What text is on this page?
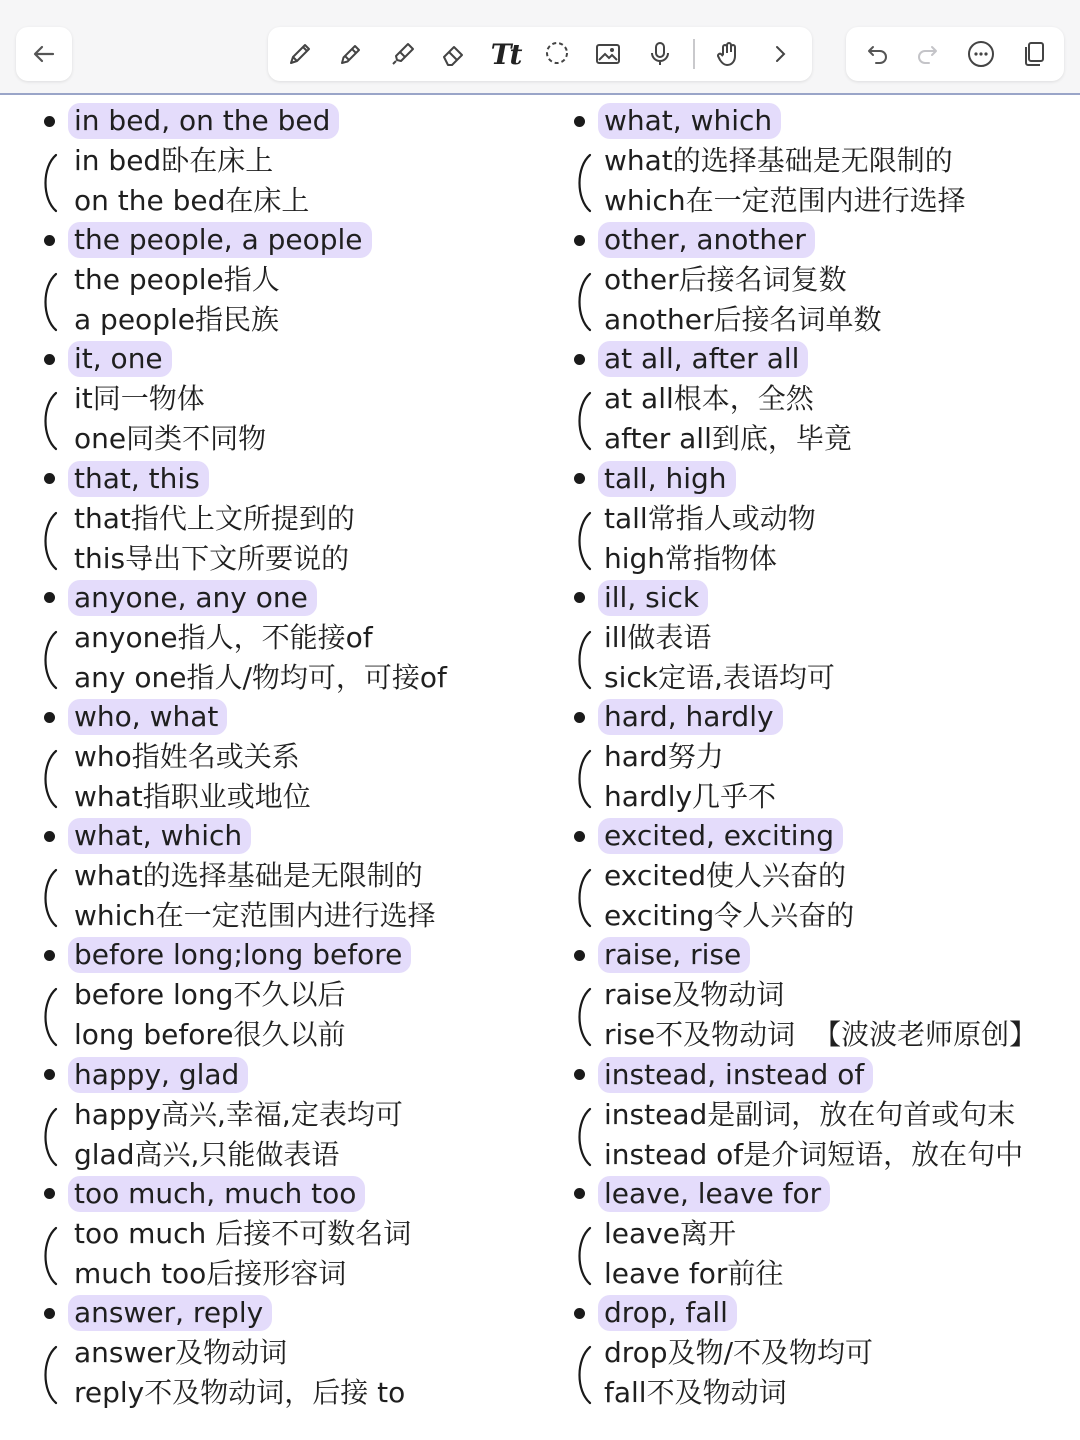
Tt
in bed, on the bed
in bed卧在床上
on the bed在床上
the people, a people
the people指人
a people指民族
it, one
it同一物体
one同类不同物
that, this
that指代上文所提到的
this导出下文所要说的
anyone, any one
anyone指人，不能接of
any one指人/物均可，可接of
who, what
who指姓名或关系
what指职业或地位
what, which
what的选择基础是无限制的
which在一定范围内进行选择
before long;long before
before long不久以后
long before很久以前
happy, glad
happy高兴,幸福,定表均可
glad高兴,只能做表语
too much, much too
too much 后接不可数名词
much too后接形容词
answer, reply
answer及物动词
reply不及物动词，后接 to
what, which
what的选择基础是无限制的
which在一定范围内进行选择
other, another
other后接名词复数
another后接名词单数
at all, after all
at all根本，全然
after all到底，毕竟
tall, high
tall常指人或动物
high常指物体
ill, sick
ill做表语
sick定语,表语均可
hard, hardly
hard努力
hardly几乎不
excited, exciting
excited使人兴奋的
exciting令人兴奋的
raise, rise
raise及物动词
rise不及物动词 【波波老师原创】
instead, instead of
instead是副词，放在句首或句末
instead of是介词短语，放在句中
leave, leave for
leave离开
leave for前往
drop, fall
drop及物/不及物均可
fall不及物动词
